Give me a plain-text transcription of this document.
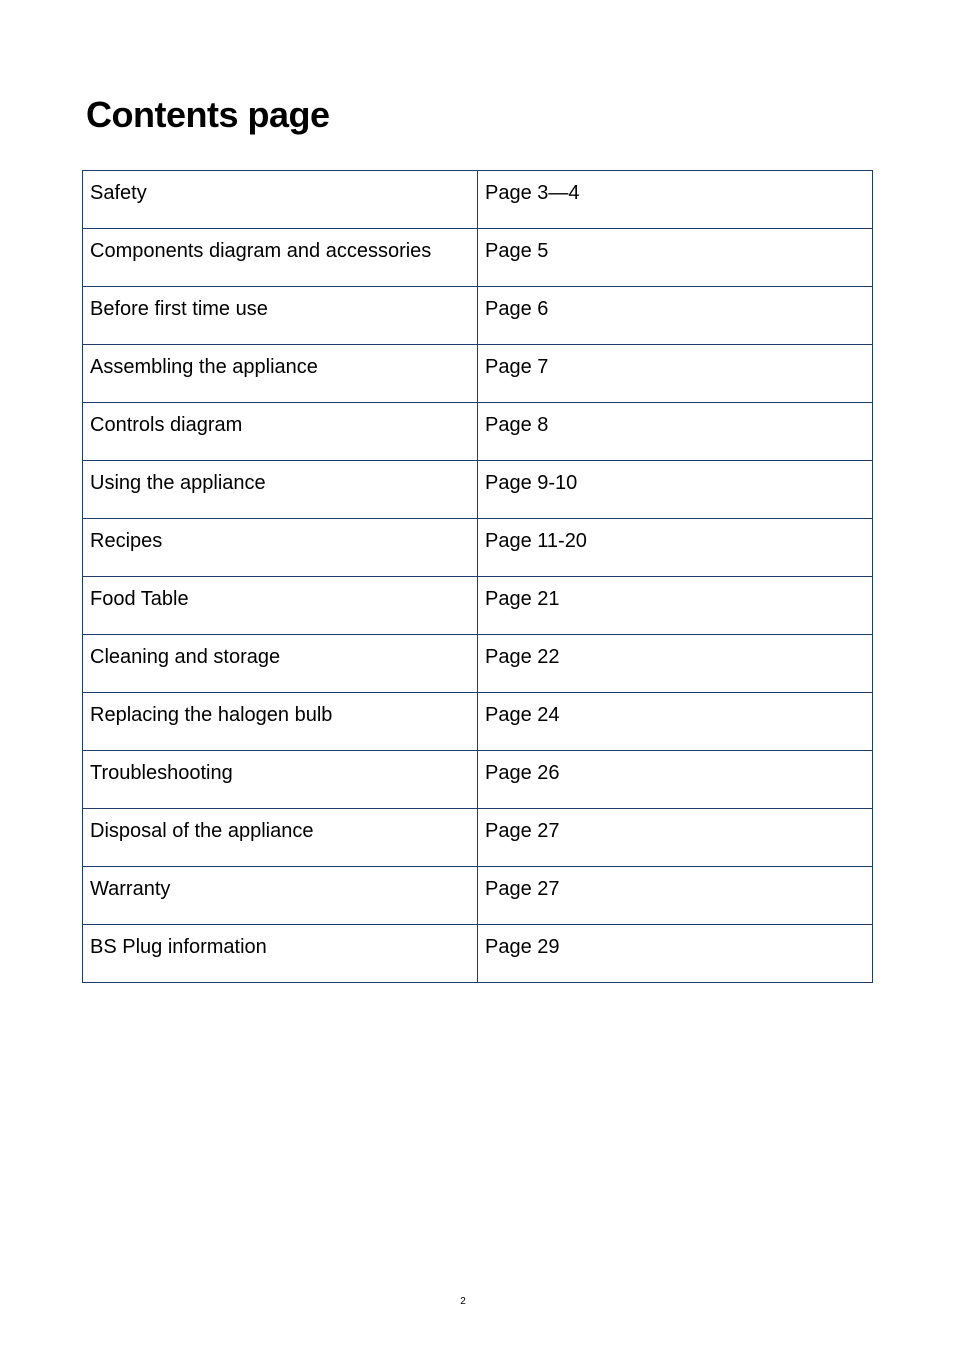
Contents page
Safety	Page 3—4
Components diagram and accessories	Page 5
Before first time use	Page 6
Assembling the appliance	Page 7
Controls diagram	Page 8
Using the appliance	Page 9-10
Recipes	Page 11-20
Food Table	Page 21
Cleaning and storage	Page 22
Replacing the halogen bulb	Page 24
Troubleshooting	Page 26
Disposal of the appliance	Page 27
Warranty	Page 27
BS Plug information	Page 29
2
